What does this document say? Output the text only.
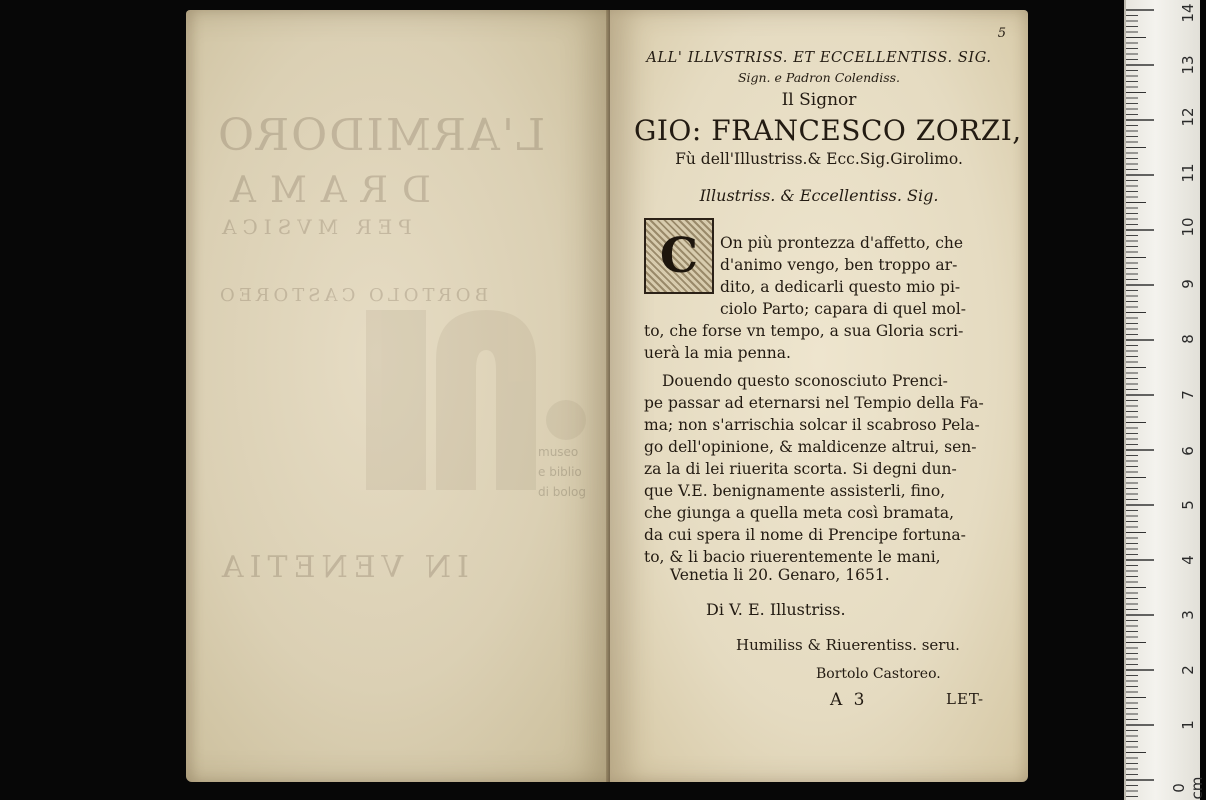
L'ARMIDORO
DRAMA
PER MVSICA
BORTOLO CASTOREO
IN VENETIA
museo
e biblio
di bolog
5
ALL' ILLVSTRISS. ET ECCELLENTISS. SIG.
Sign. e Padron Colendiss.
Il Signor
GIO: FRANCESCO ZORZI,
Fù dell'Illustriss.& Ecc.Sig.Girolimo.
Illustriss. & Eccellentiss. Sig.
C	On più prontezza d'affetto, che
d'animo vengo, ben troppo ar-
dito, a dedicarli questo mio pi-
ciolo Parto; capara di quel mol-
to, che forse vn tempo, a sua Gloria scri-
uerà la mia penna.
Douendo questo sconosciuto Prenci-
pe passar ad eternarsi nel Tempio della Fa-
ma; non s'arrischia solcar il scabroso Pela-
go dell'opinione, & maldicenze altrui, sen-
za la di lei riuerita scorta. Si degni dun-
que V.E. benignamente assisterli, fino,
che giunga a quella meta così bramata,
da cui spera il nome di Prencipe fortuna-
to, & li bacio riuerentemente le mani,
Venetia li 20. Genaro, 1651.
Di V. E. Illustriss.
Humiliss & Riuerentiss. seru.
Bortolo Castoreo.
A 3	LET-
14
13
12
11
10
9
8
7
6
5
4
3
2
1
0 cm
